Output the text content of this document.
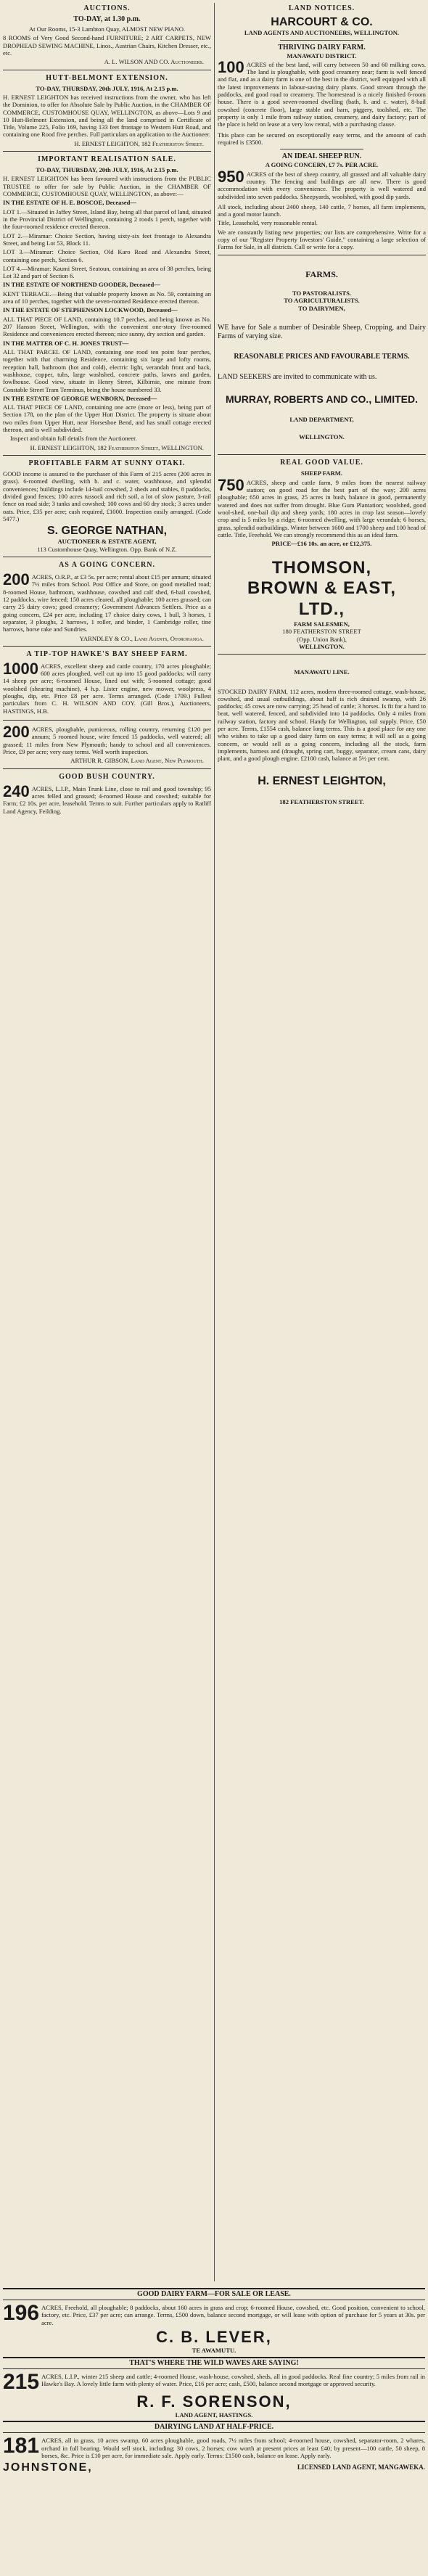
AUCTIONS.
TO-DAY, at 1.30 p.m.

At Our Rooms, 15-3 Lambton Quay, ALMOST NEW PIANO.

8 ROOMS of Very Good Second-hand FURNITURE; 2 ART CARPETS, NEW DROPHEAD SEWING MACHINE, Linos., Austrian Chairs, Kitchen Dresser, etc., etc.

A. L. WILSON AND CO. Auctioneers.
HUTT-BELMONT EXTENSION.
TO-DAY, THURSDAY, 20th JULY, 1916, At 2.15 p.m.

H. ERNEST LEIGHTON has received instructions from the owner, who has left the Dominion, to offer for Absolute Sale by Public Auction, in the CHAMBER OF COMMERCE, CUSTOMHOUSE QUAY, WELLINGTON, as above—Lots 9 and 10 Hutt-Belmont Extension, and being all the land comprised in Certificate of Title, Volume 225, Folio 169, having 133 feet frontage to Western Hutt Road, and containing one Rood five perches. Full particulars on application to the Auctioneer.

H. ERNEST LEIGHTON, 182 Featherston Street.
IMPORTANT REALISATION SALE.
TO-DAY, THURSDAY, 20th JULY, 1916, At 2.15 p.m.

H. ERNEST LEIGHTON has been favoured with instructions from the PUBLIC TRUSTEE to offer for sale by Public Auction, in the CHAMBER OF COMMERCE, CUSTOMHOUSE QUAY, WELLINGTON, as above:—

IN THE ESTATE OF H. E. BOSCOE, Deceased—

LOT 1.—Situated in Jaffey Street, Island Bay, being all that parcel of land, situated in the Provincial District of Wellington, containing 2 roods 1 perch, together with the four-roomed residence erected thereon.

LOT 2.—Miramar: Choice Section, having sixty-six feet frontage to Alexandra Street, and being Lot 53, Block 11.

LOT 3.—Miramar: Choice Section, Old Karo Road and Alexandra Street, containing one perch, Section 6.

LOT 4.—Miramar: Kaumi Street, Seatoun, containing an area of 38 perches, being Lot 32 and part of Section 6.

IN THE ESTATE OF NORTHEND GOODER, Deceased—

KENT TERRACE.—Being that valuable property known as No. 59, containing an area of 10 perches, together with the seven-roomed Residence erected thereon.

IN THE ESTATE OF STEPHENSON LOCKWOOD, Deceased—

ALL THAT PIECE OF LAND, containing 10.7 perches, and being known as No. 207 Hanson Street, Wellington, with the convenient one-story five-roomed Residence and conveniences erected thereon; nice sunny, dry section and garden.

IN THE MATTER OF C. H. JONES TRUST—

ALL THAT PARCEL OF LAND, containing one rood ten point four perches, together with that charming Residence, containing six large and lofty rooms, reception hall, bathroom (hot and cold), electric light, verandah front and back, washhouse, copper, tubs, large washshed, concrete paths, lawns and garden, fowlhouse. Good view, situate in Henry Street, Kilbirnie, one minute from Constable Street Tram Terminus, being the house numbered 33.

IN THE ESTATE OF GEORGE WENBORN, Deceased—

ALL THAT PIECE OF LAND, containing one acre (more or less), being part of Section 178, on the plan of the Upper Hutt District. The property is situate about two miles from Upper Hutt, near Horseshoe Bend, and has small cottage erected thereon, and is well subdivided.

Inspect and obtain full details from the Auctioneer.

H. ERNEST LEIGHTON, 182 Featherston Street, WELLINGTON.
PROFITABLE FARM AT SUNNY OTAKI.

GOOD income is assured to the purchaser of this Farm of 215 acres (200 acres in grass). 6-roomed dwelling, with h. and c. water, washhouse, and splendid conveniences; buildings include 14-bail cowshed, 2 sheds and stables, 8 paddocks, divided good fences; 100 acres tussock and rich soil, a lot of slow pasture, 3-rail fence on road side; 3 tanks and cowshed; 100 cows and 60 dry stock; 3 acres under oats. Price, £35 per acre; cash required, £1000. Inspection easily arranged. (Code 5477.)

S. GEORGE NATHAN,
AUCTIONEER & ESTATE AGENT,
113 Customhouse Quay, Wellington. Opp. Bank of N.Z.
AS A GOING CONCERN.
200 ACRES, O.R.P., at £3 5s. per acre; rental about £15 per annum; situated 7½ miles from School. Post Office and Store, on good metalled road; 8-roomed House, bathroom, washhouse, cowshed and calf shed, 6-bail cowshed, 12 paddocks, wire fenced; 150 acres cleared, all ploughable; 100 acres grassed; can carry 25 dairy cows; good creamery; Government Advances Settlers. Price as a going concern, £24 per acre, including 17 choice dairy cows, 1 bull, 3 horses, 1 separator, 3 ploughs, 2 harrows, 1 roller, and binder, 1 Cambridge roller, tine harrows, horse rake and Sundries.

YARNDLEY & CO., Land Agents, Otorohanga.
A TIP-TOP HAWKE'S BAY SHEEP FARM.
1000 ACRES, excellent sheep and cattle country, 170 acres ploughable; 600 acres ploughed, well cut up into 15 good paddocks; will carry 14 sheep per acre; 6-roomed House, lined out with; 5-roomed cottage; good woolshed (shearing machine), 4 h.p. Lister engine, new mower, woolpress, 4 ploughs, dip, etc. Price £8 per acre. Terms arranged. (Code 1709.) Fullest particulars from C. H. WILSON AND COY. (Gill Bros.), Auctioneers, HASTINGS, H.B.

200 ACRES, ploughable, pumiceous, rolling country, returning £120 per annum; 5 roomed house, wire fenced 15 paddocks, well watered; all grassed; 11 miles from New Plymouth; handy to school and all conveniences. Price, £9 per acre; very easy terms. Well worth inspection.

ARTHUR R. GIBSON, Land Agent, New Plymouth.
GOOD BUSH COUNTRY.
240 ACRES, L.I.P., Main Trunk Line, close to rail and good township; 95 acres felled and grassed; 4-roomed House and cowshed; suitable for Farm; £2 10s. per acre, leasehold. Terms to suit. Further particulars apply to Ratliff Land Agency, Feilding.

LAND NOTICES.
HARCOURT & CO.
LAND AGENTS AND AUCTIONEERS, WELLINGTON.
THRIVING DAIRY FARM.
MANAWATU DISTRICT.
100 ACRES of the best land, will carry between 50 and 60 milking cows. The land is ploughable, with good creamery near; farm is well fenced and flat, and as a dairy farm is one of the best in the district, well equipped with all the latest improvements in labour-saving dairy plants. Good stream through the paddocks, and good road to creamery. The homestead is a nicely finished 6-room house. There is a good seven-roomed dwelling (bath, h. and c. water), 8-bail cowshed (concrete floor), large stable and barn, piggery, toolshed, etc. The property is only 1 mile from railway station, creamery, and dairy factory; part of the place is held on lease at a very low rental, with a purchasing clause.

This place can be secured on exceptionally easy terms, and the amount of cash required is £3500.

AN IDEAL SHEEP RUN.
A GOING CONCERN, £7 7s. PER ACRE.
950 ACRES of the best of sheep country, all grassed and all valuable dairy country. The fencing and buildings are all new. There is good accommodation with every convenience. The property is well watered and subdivided into seven paddocks. Sheepyards, woolshed, with good dip yards.

All stock, including about 2400 sheep, 140 cattle, 7 horses, all farm implements, and a good motor launch.

Title, Leasehold, very reasonable rental.

We are constantly listing new properties; our lists are comprehensive. Write for a copy of our "Register Property Investors' Guide," containing a large selection of Farms for Sale, in all districts. Call or write for a copy.

FARMS.
TO PASTORALISTS.
TO AGRICULTURALISTS.
TO DAIRYMEN,

WE have for Sale a number of Desirable Sheep, Cropping, and Dairy Farms of varying size.

REASONABLE PRICES AND FAVOURABLE TERMS.

LAND SEEKERS are invited to communicate with us.

MURRAY, ROBERTS AND CO., LIMITED.
LAND DEPARTMENT,
WELLINGTON.
REAL GOOD VALUE.
SHEEP FARM.
750 ACRES, sheep and cattle farm, 9 miles from the nearest railway station; on good road for the best part of the way; 200 acres ploughable; 650 acres in grass, 25 acres in bush, balance in good, permanently watered and does not suffer from drought. Blue Gum Plantation; woolshed, good wool-shed, one-bail dip and sheep yards; 180 acres in crop last season—lovely crop and is 5 miles by a ridge; 6-roomed dwelling, with large verandah; 6 horses, grass, splendid outbuildings. Winter between 1600 and 1700 sheep and 100 head of cattle. Title, Freehold. We can strongly recommend this as an ideal farm.

PRICE—£16 10s. an acre, or £12,375.
THOMSON,
BROWN & EAST,
LTD.,
FARM SALESMEN,
180 FEATHERSTON STREET
(Opp. Union Bank),
WELLINGTON.
MANAWATU LINE.

STOCKED DAIRY FARM, 112 acres, modern three-roomed cottage, wash-house, cowshed, and usual outbuildings, about half is rich drained swamp, with 26 paddocks; 45 cows are now carrying; 25 head of cattle; 3 horses. Is fit for a hard to beat, well watered, fenced, and subdivided into 14 paddocks. Only 4 miles from railway station, factory and school. Handy for Wellington, rail supply. Price, £50 per acre. Terms, £1554 cash, balance long terms. This is a good place for any one who wishes to take up a good dairy farm on easy terms; it will sell as a going concern, or would sell as a going concern, including all the stock, farm implements, harness and (draught, spring cart, buggy, separator, cream cans, dairy plant, and a good plough engine. £2100 cash, balance at 5½ per cent.

H. ERNEST LEIGHTON,
182 FEATHERSTON STREET.
GOOD DAIRY FARM—FOR SALE OR LEASE.
196 ACRES, Freehold, all ploughable; 8 paddocks, about 160 acres in grass and crop; 6-roomed House, cowshed, etc. Good position, convenient to school, factory, etc. Price, £37 per acre; can arrange. Terms, £500 down, balance second mortgage, or will lease with option of purchase for 5 years at 30s. per acre.

C. B. LEVER,
TE AWAMUTU.
THAT'S WHERE THE WILD WAVES ARE SAYING!
215 ACRES, L.I.P., winter 215 sheep and cattle; 4-roomed House, wash-house, cowshed, sheds, all in good paddocks. Real fine country; 5 miles from rail in Hawke's Bay. A lovely little farm with plenty of water. Price, £16 per acre; cash, £500, balance second mortgage or approved security.

R. F. SORENSON,
LAND AGENT, HASTINGS.
DAIRYING LAND AT HALF-PRICE.
181 ACRES, all in grass, 10 acres swamp, 60 acres ploughable, good roads, 7½ miles from school; 4-roomed house, cowshed, separator-room, 2 whares, orchard in full bearing. Would sell stock, including; 30 cows, 2 horses; cow worth at present prices at least £40; by present—100 cattle, 50 sheep, 8 horses, &c. Price is £10 per acre, for immediate sale. Apply early. Terms: £1500 cash, balance on lease. Apply early.

JOHNSTONE,	LICENSED LAND AGENT, MANGAWEKA.
